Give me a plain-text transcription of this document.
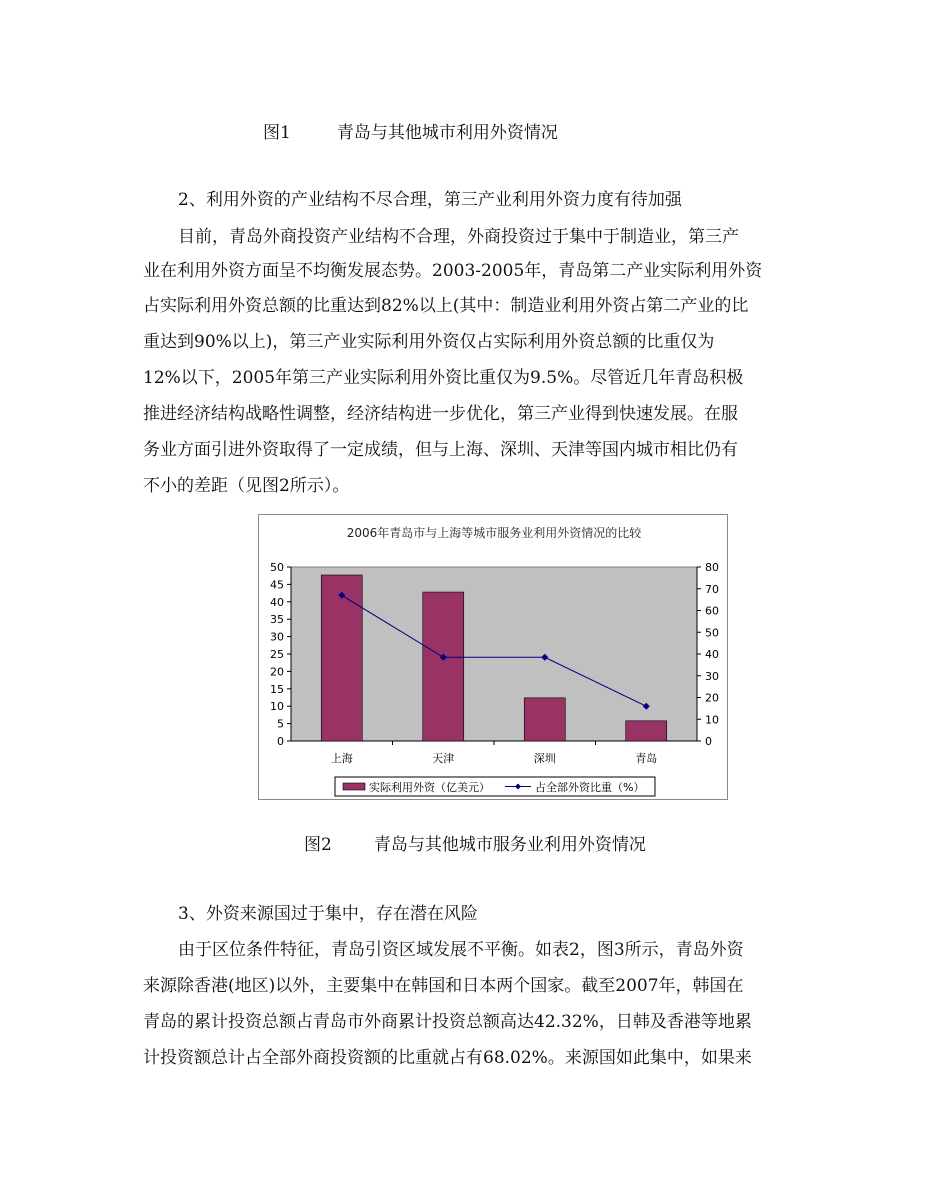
图1	青岛与其他城市利用外资情况
2、利用外资的产业结构不尽合理，第三产业利用外资力度有待加强
目前，青岛外商投资产业结构不合理，外商投资过于集中于制造业，第三产
业在利用外资方面呈不均衡发展态势。2003-2005年，青岛第二产业实际利用外资
占实际利用外资总额的比重达到82%以上(其中：制造业利用外资占第二产业的比
重达到90%以上)，第三产业实际利用外资仅占实际利用外资总额的比重仅为
12%以下，2005年第三产业实际利用外资比重仅为9.5%。尽管近几年青岛积极
推进经济结构战略性调整，经济结构进一步优化，第三产业得到快速发展。在服
务业方面引进外资取得了一定成绩，但与上海、深圳、天津等国内城市相比仍有
不小的差距（见图2所示）。
2006年青岛市与上海等城市服务业利用外资情况的比较
0
5
10
15
20
25
30
35
40
45
50
0
10
20
30
40
50
60
70
80
上海	天津	深圳	青岛
实际利用外资（亿美元）	占全部外资比重（%）
图2 青岛与其他城市服务业利用外资情况
3、外资来源国过于集中，存在潜在风险
由于区位条件特征，青岛引资区域发展不平衡。如表2，图3所示，青岛外资
来源除香港(地区)以外，主要集中在韩国和日本两个国家。截至2007年，韩国在
青岛的累计投资总额占青岛市外商累计投资总额高达42.32%，日韩及香港等地累
计投资额总计占全部外商投资额的比重就占有68.02%。来源国如此集中，如果来
